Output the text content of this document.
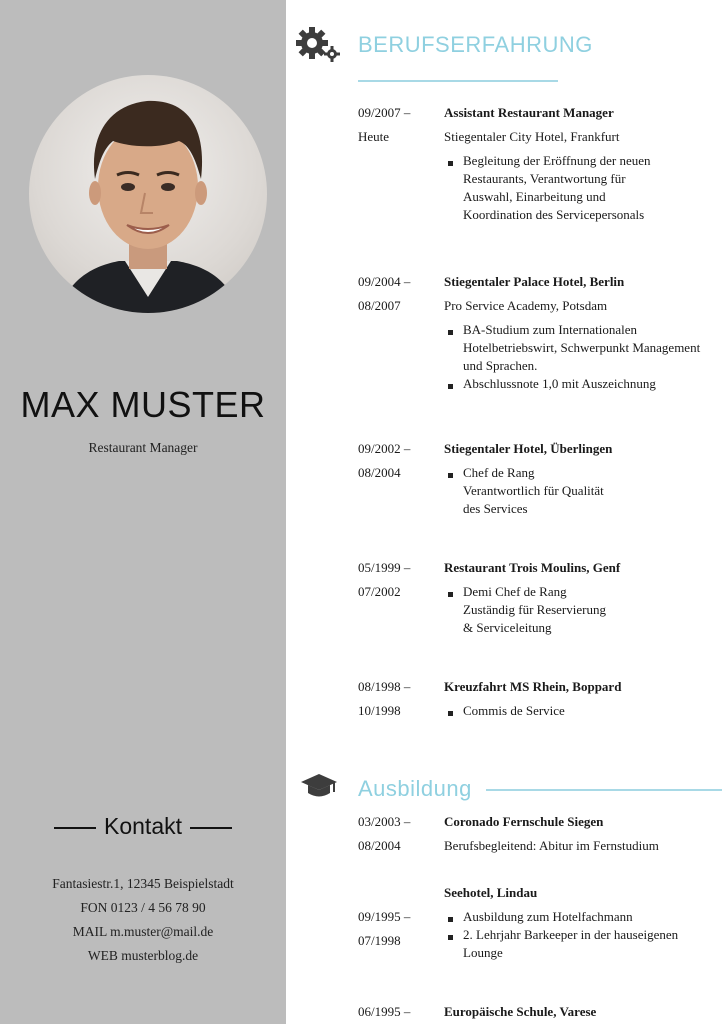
MAX MUSTER
Restaurant Manager
Kontakt
Fantasiestr.1, 12345 Beispielstadt
FON 0123 / 4 56 78 90
MAIL m.muster@mail.de
WEB musterblog.de
BERUFSERFAHRUNG
09/2007 –
Heute
Assistant Restaurant Manager
Stiegentaler City Hotel, Frankfurt
Begleitung der Eröffnung der neuen
Restaurants, Verantwortung für
Auswahl, Einarbeitung und
Koordination des Servicepersonals
09/2004 –
08/2007
Stiegentaler Palace Hotel, Berlin
Pro Service Academy, Potsdam
BA-Studium zum Internationalen
Hotelbetriebswirt, Schwerpunkt Management
und Sprachen.
Abschlussnote 1,0 mit Auszeichnung
09/2002 –
08/2004
Stiegentaler Hotel, Überlingen
Chef de Rang
Verantwortlich für Qualität
des Services
05/1999 –
07/2002
Restaurant Trois Moulins, Genf
Demi Chef de Rang
Zuständig für Reservierung
& Serviceleitung
08/1998 –
10/1998
Kreuzfahrt MS Rhein, Boppard
Commis de Service
Ausbildung
03/2003 –
08/2004
Coronado Fernschule Siegen
Berufsbegleitend: Abitur im Fernstudium
09/1995 –
07/1998
Seehotel, Lindau
Ausbildung zum Hotelfachmann
2. Lehrjahr Barkeeper in der hauseigenen
Lounge
06/1995 –	Europäische Schule, Varese
